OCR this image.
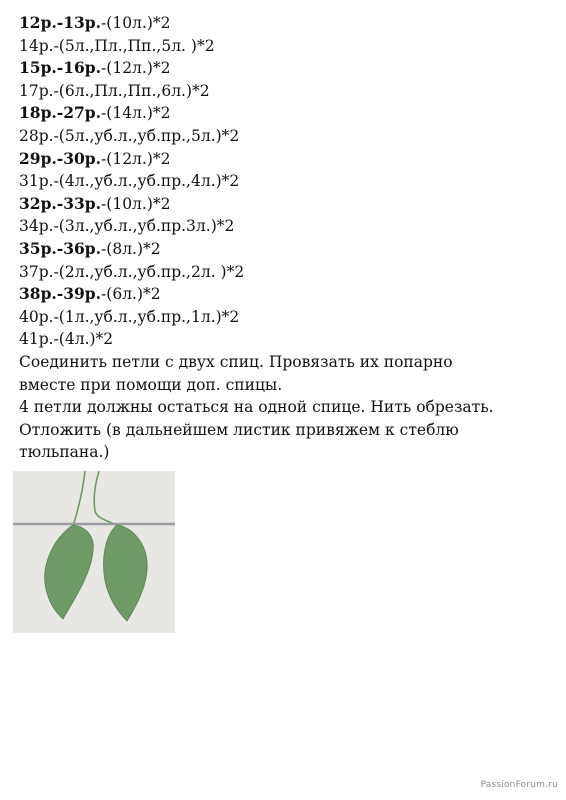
12р.-13р.-(10л.)*2
14р.-(5л.,Пл.,Пп.,5л. )*2
15р.-16р.-(12л.)*2
17р.-(6л.,Пл.,Пп.,6л.)*2
18р.-27р.-(14л.)*2
28р.-(5л.,уб.л.,уб.пр.,5л.)*2
29р.-30р.-(12л.)*2
31р.-(4л.,уб.л.,уб.пр.,4л.)*2
32р.-33р.-(10л.)*2
34р.-(3л.,уб.л.,уб.пр.3л.)*2
35р.-36р.-(8л.)*2
37р.-(2л.,уб.л.,уб.пр.,2л. )*2
38р.-39р.-(6л.)*2
40р.-(1л.,уб.л.,уб.пр.,1л.)*2
41р.-(4л.)*2
Соединить петли с двух спиц. Провязать их попарно
вместе при помощи доп. спицы.
4 петли должны остаться на одной спице. Нить обрезать.
Отложить (в дальнейшем листик привяжем к стеблю
тюльпана.)
PassionForum.ru
